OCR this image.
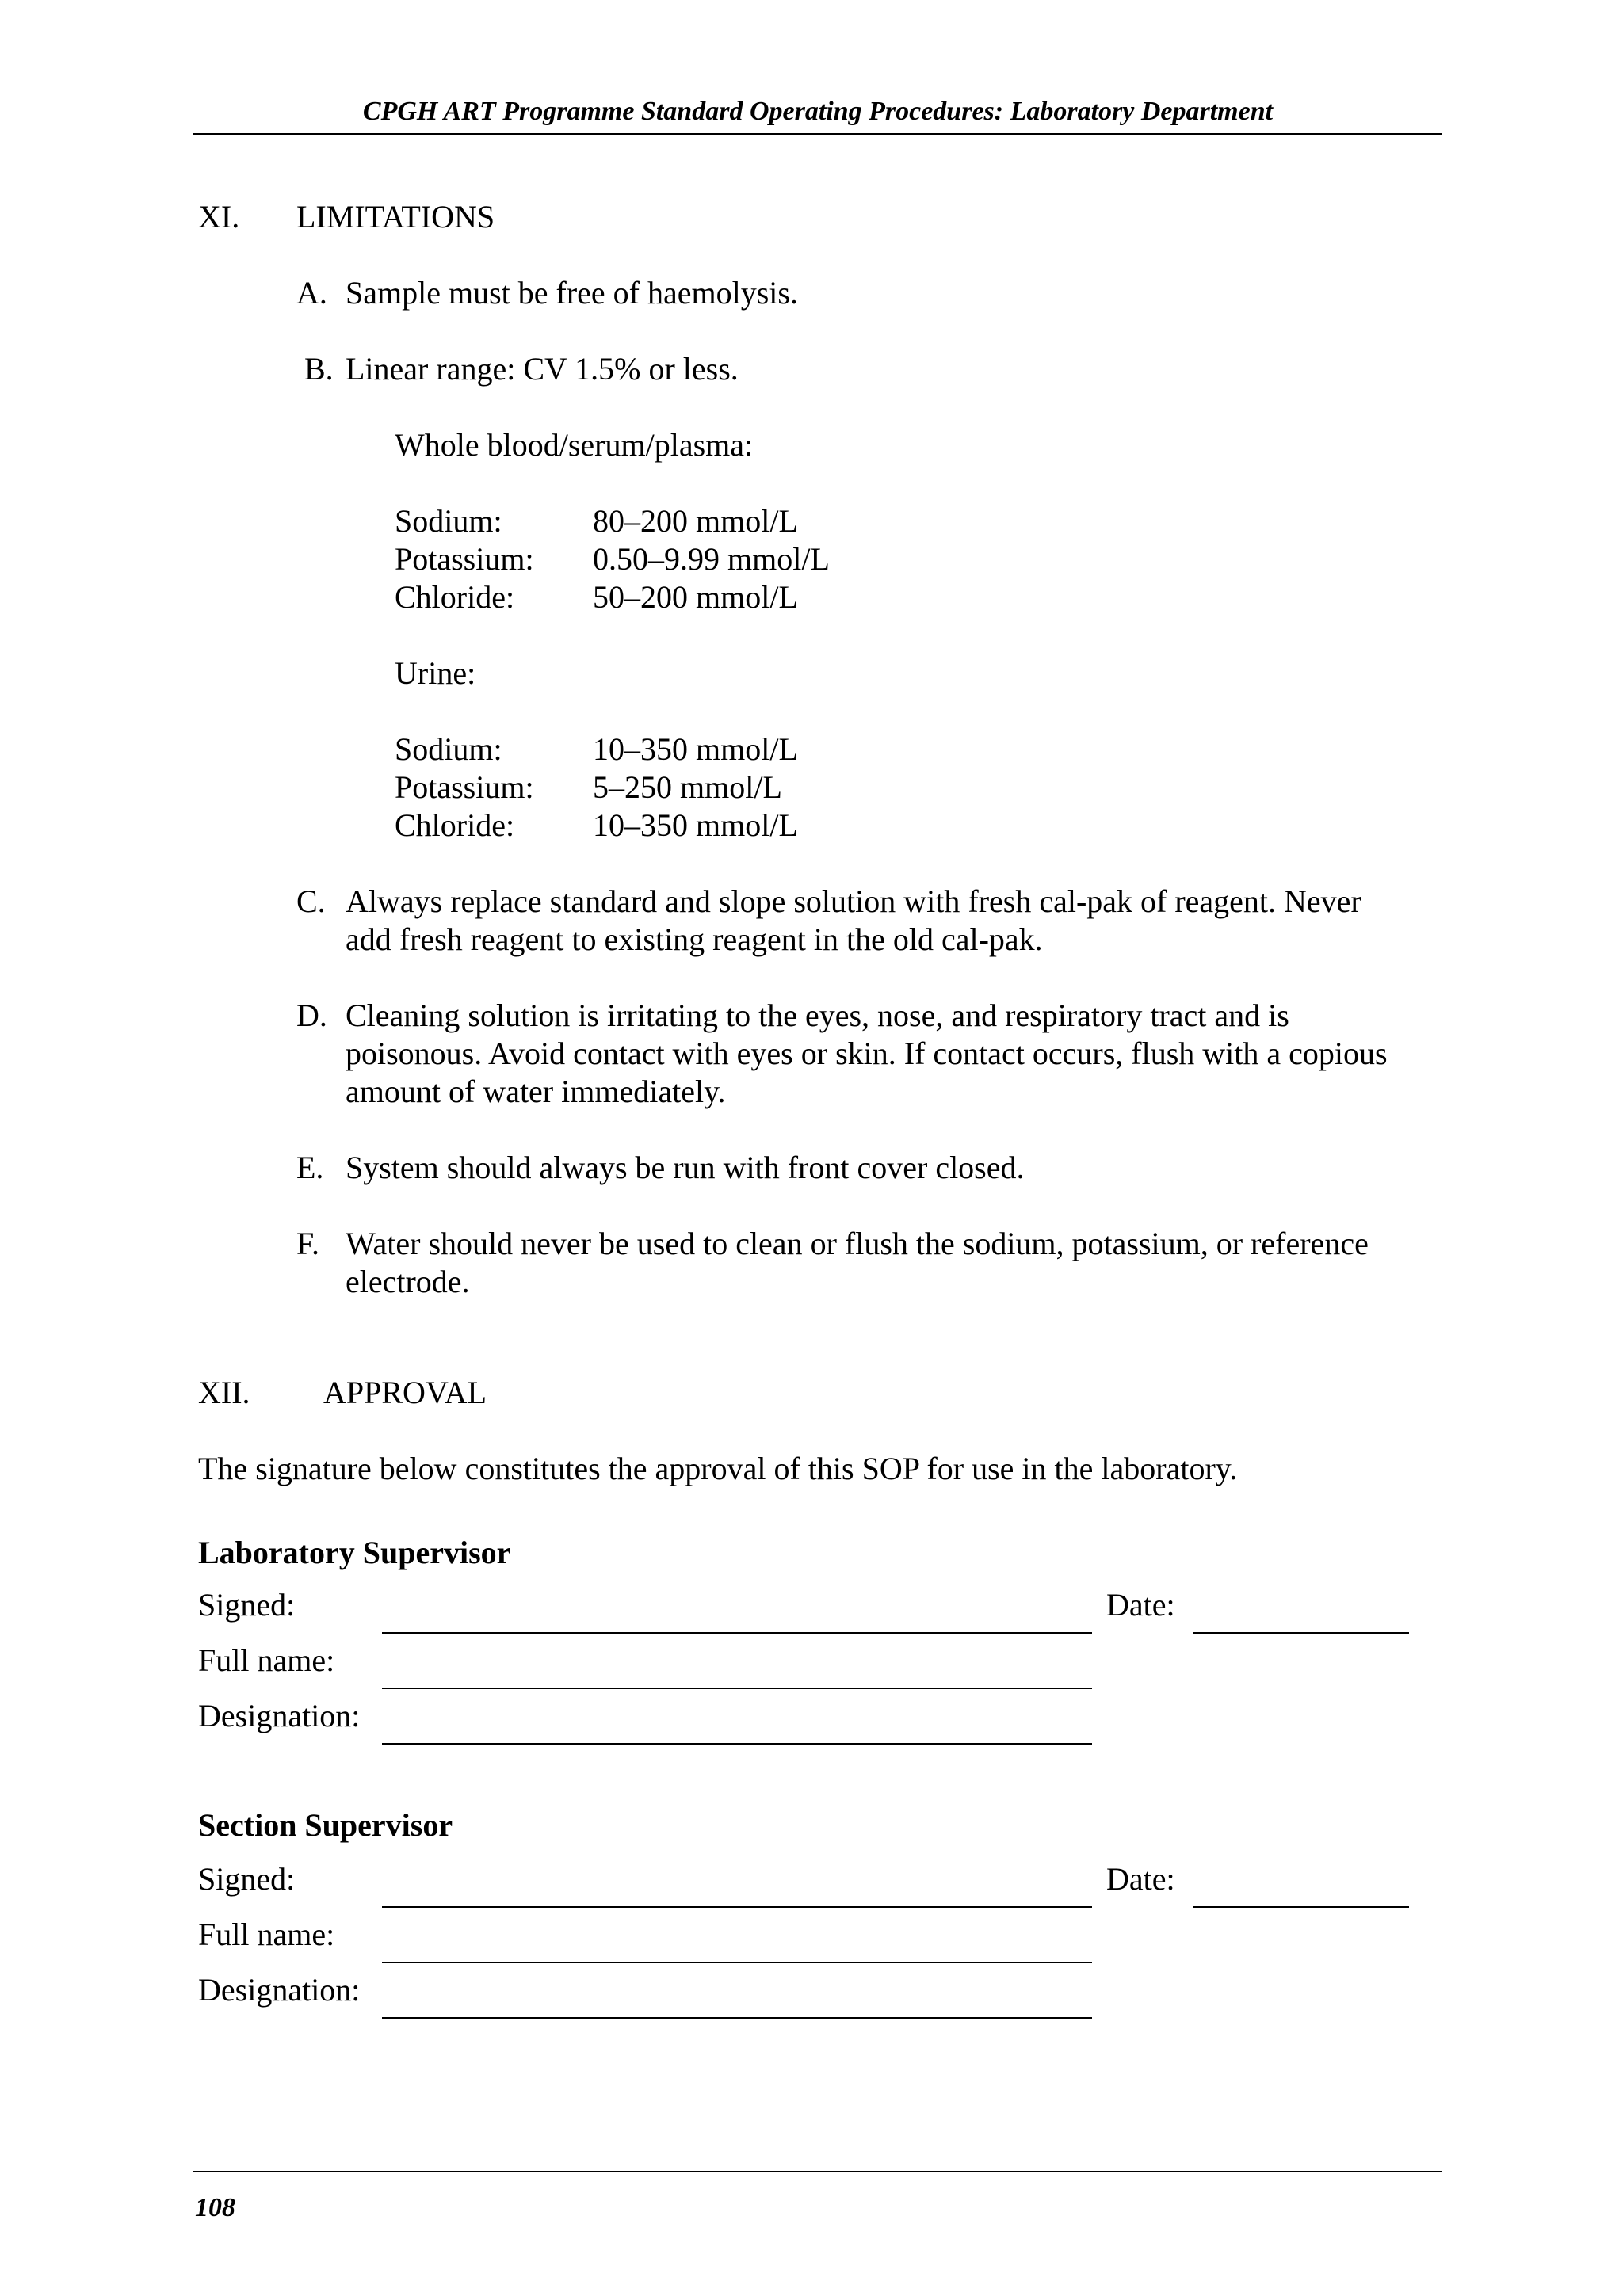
CPGH ART Programme Standard Operating Procedures: Laboratory Department
XI. LIMITATIONS
A. Sample must be free of haemolysis.
B. Linear range: CV 1.5% or less.
Whole blood/serum/plasma:
Sodium:	80–200 mmol/L
Potassium: 0.50–9.99 mmol/L
Chloride: 50–200 mmol/L
Urine:
Sodium:	10–350 mmol/L
Potassium: 5–250 mmol/L
Chloride: 10–350 mmol/L
C. Always replace standard and slope solution with fresh cal-pak of reagent. Never
add fresh reagent to existing reagent in the old cal-pak.
D. Cleaning solution is irritating to the eyes, nose, and respiratory tract and is
poisonous. Avoid contact with eyes or skin. If contact occurs, flush with a copious
amount of water immediately.
E. System should always be run with front cover closed.
F. Water should never be used to clean or flush the sodium, potassium, or reference
electrode.
XII. APPROVAL
The signature below constitutes the approval of this SOP for use in the laboratory.
Laboratory Supervisor
Signed:	Date:
Full name:
Designation:
Section Supervisor
Signed:	Date:
Full name:
Designation:
108
